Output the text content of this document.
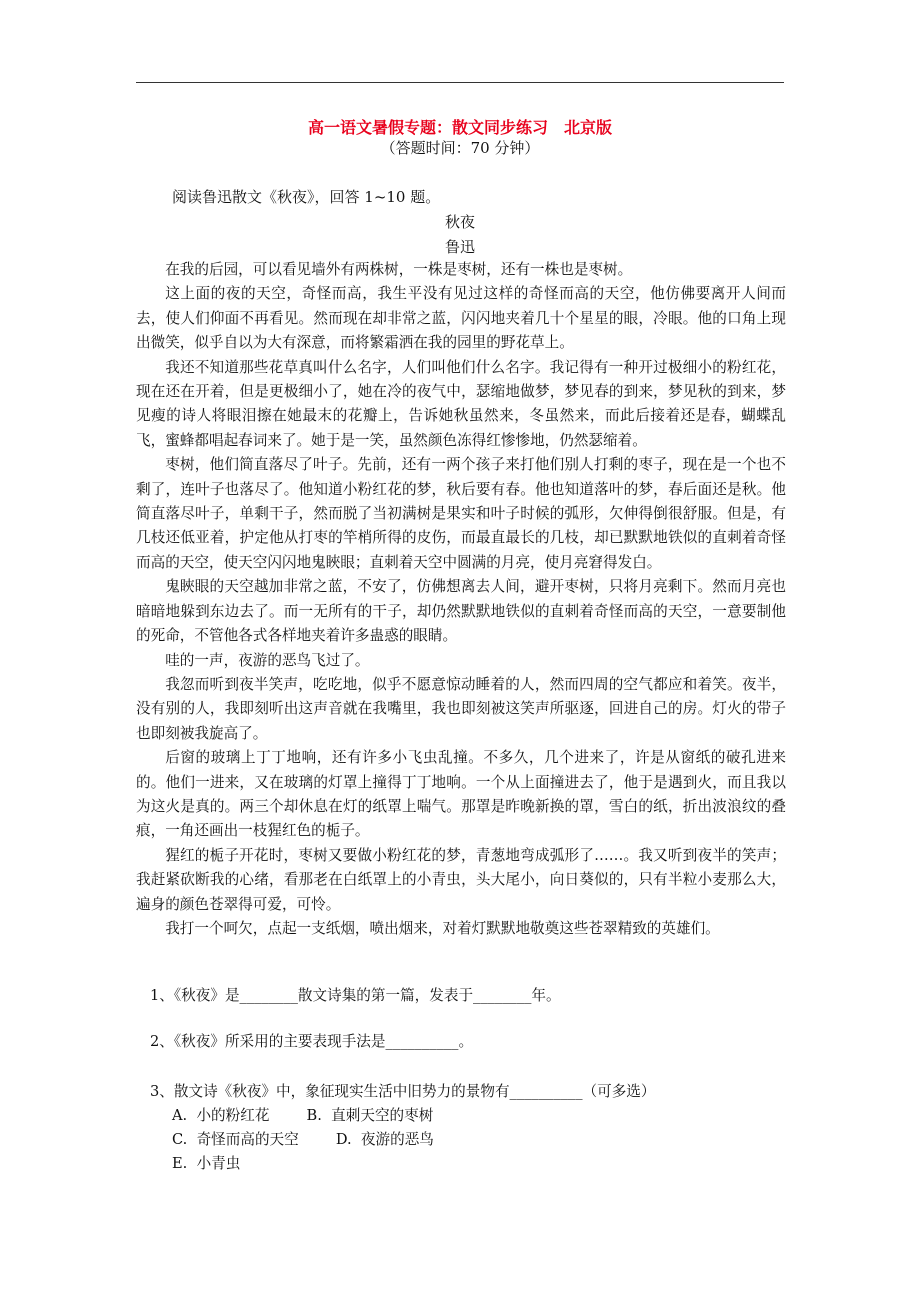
高一语文暑假专题：散文同步练习　北京版
（答题时间：70 分钟）
阅读鲁迅散文《秋夜》，回答 1~10 题。
秋夜
鲁迅

在我的后园，可以看见墙外有两株树，一株是枣树，还有一株也是枣树。

这上面的夜的天空，奇怪而高，我生平没有见过这样的奇怪而高的天空，他仿佛要离开人间而去，使人们仰面不再看见。然而现在却非常之蓝，闪闪地夹着几十个星星的眼，冷眼。他的口角上现出微笑，似乎自以为大有深意，而将繁霜洒在我的园里的野花草上。

我还不知道那些花草真叫什么名字，人们叫他们什么名字。我记得有一种开过极细小的粉红花，现在还在开着，但是更极细小了，她在冷的夜气中，瑟缩地做梦，梦见春的到来，梦见秋的到来，梦见瘦的诗人将眼泪擦在她最末的花瓣上，告诉她秋虽然来，冬虽然来，而此后接着还是春，蝴蝶乱飞，蜜蜂都唱起春词来了。她于是一笑，虽然颜色冻得红惨惨地，仍然瑟缩着。

枣树，他们简直落尽了叶子。先前，还有一两个孩子来打他们别人打剩的枣子，现在是一个也不剩了，连叶子也落尽了。他知道小粉红花的梦，秋后要有春。他也知道落叶的梦，春后面还是秋。他简直落尽叶子，单剩干子，然而脱了当初满树是果实和叶子时候的弧形，欠伸得倒很舒服。但是，有几枝还低亚着，护定他从打枣的竿梢所得的皮伤，而最直最长的几枝，却已默默地铁似的直刺着奇怪而高的天空，使天空闪闪地鬼䀹眼；直刺着天空中圆满的月亮，使月亮窘得发白。

鬼䀹眼的天空越加非常之蓝，不安了，仿佛想离去人间，避开枣树，只将月亮剩下。然而月亮也暗暗地躲到东边去了。而一无所有的干子，却仍然默默地铁似的直刺着奇怪而高的天空，一意要制他的死命，不管他各式各样地夹着许多蛊惑的眼睛。

哇的一声，夜游的恶鸟飞过了。

我忽而听到夜半笑声，吃吃地，似乎不愿意惊动睡着的人，然而四周的空气都应和着笑。夜半，没有别的人，我即刻听出这声音就在我嘴里，我也即刻被这笑声所驱逐，回进自己的房。灯火的带子也即刻被我旋高了。

后窗的玻璃上丁丁地响，还有许多小飞虫乱撞。不多久，几个进来了，许是从窗纸的破孔进来的。他们一进来，又在玻璃的灯罩上撞得丁丁地响。一个从上面撞进去了，他于是遇到火，而且我以为这火是真的。两三个却休息在灯的纸罩上喘气。那罩是昨晚新换的罩，雪白的纸，折出波浪纹的叠痕，一角还画出一枝猩红色的栀子。

猩红的栀子开花时，枣树又要做小粉红花的梦，青葱地弯成弧形了……。我又听到夜半的笑声；我赶紧砍断我的心绪，看那老在白纸罩上的小青虫，头大尾小，向日葵似的，只有半粒小麦那么大，遍身的颜色苍翠得可爱，可怜。

我打一个呵欠，点起一支纸烟，喷出烟来，对着灯默默地敬奠这些苍翠精致的英雄们。

1、《秋夜》是________散文诗集的第一篇，发表于________年。
2、《秋夜》所采用的主要表现手法是__________。
3、散文诗《秋夜》中，象征现实生活中旧势力的景物有__________（可多选）
A.  小的粉红花        B.  直刺天空的枣树
C.  奇怪而高的天空        D.  夜游的恶鸟
E.  小青虫
